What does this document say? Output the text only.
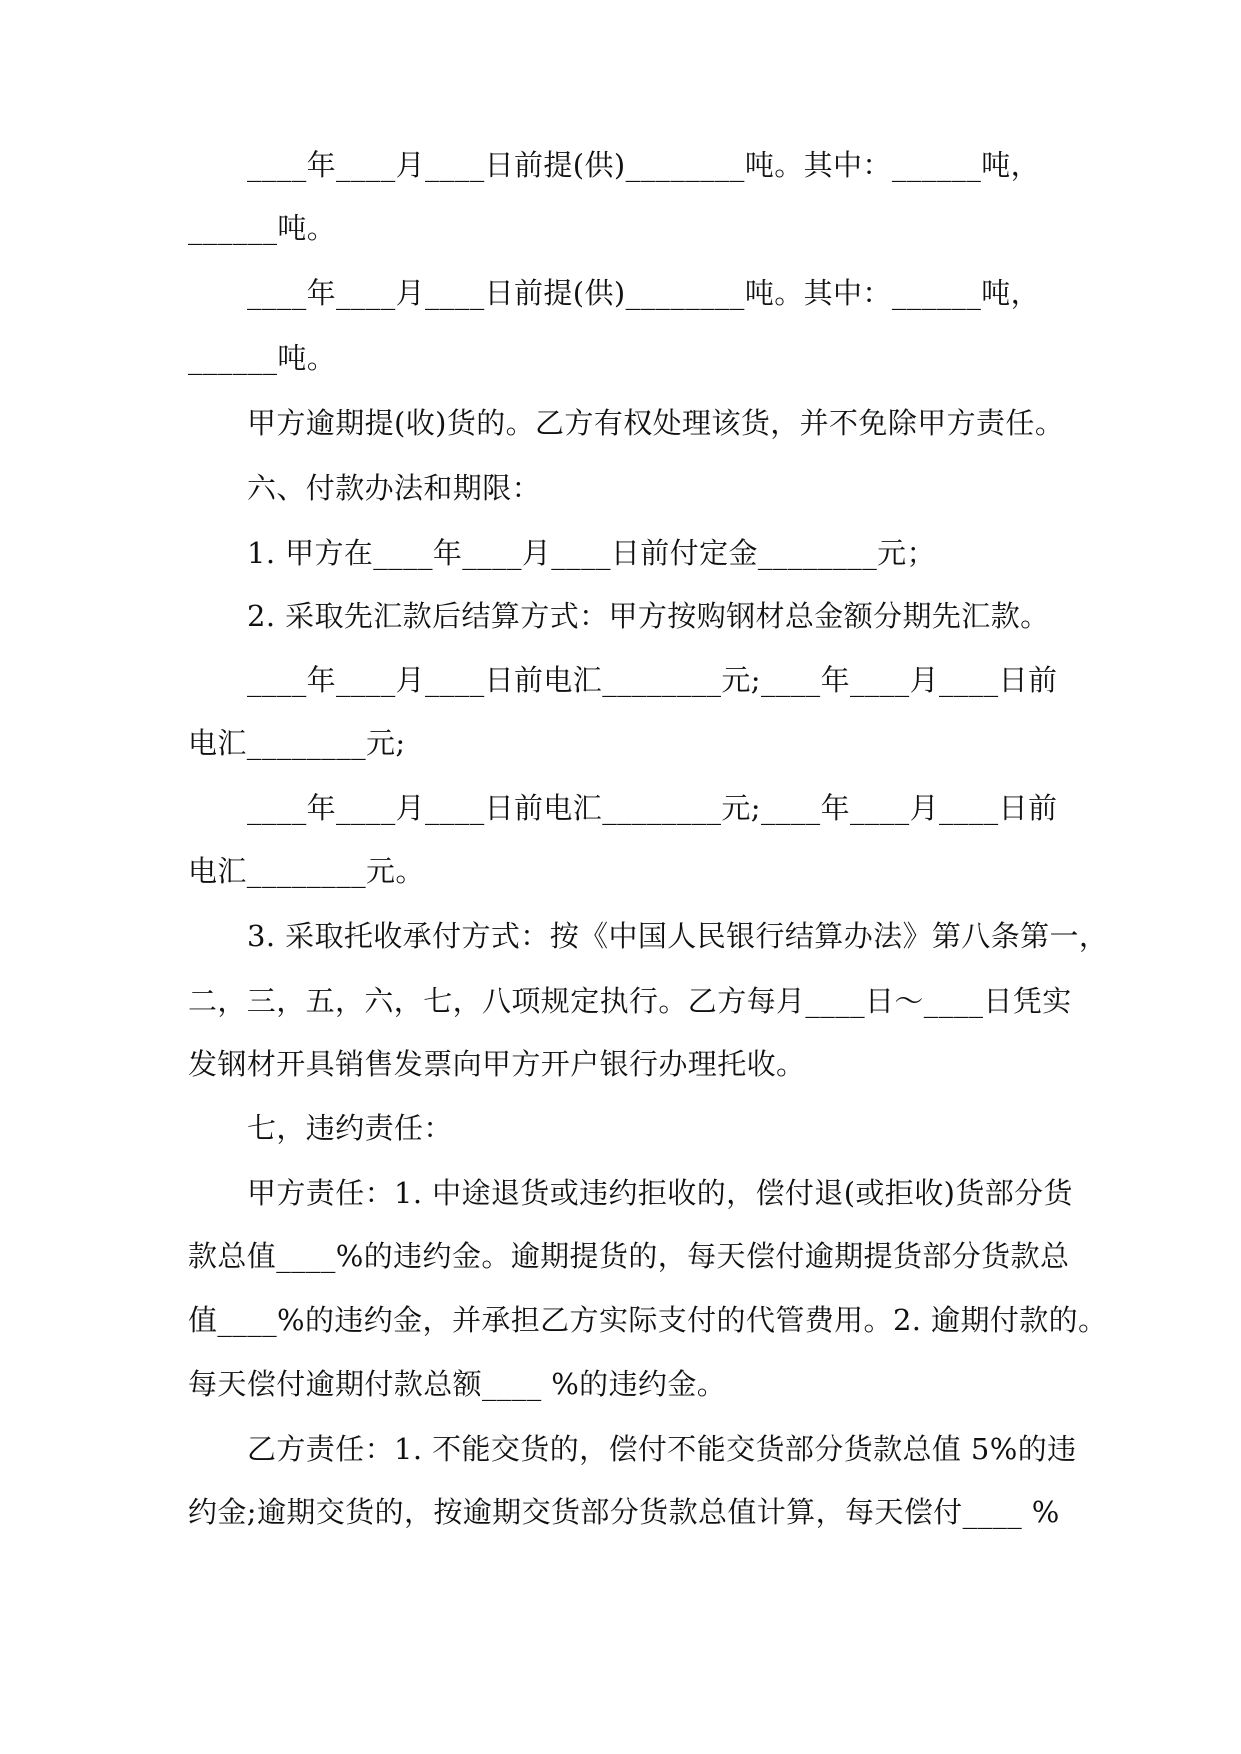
____年____月____日前提(供)________吨。其中：______吨，
______吨。
____年____月____日前提(供)________吨。其中：______吨，
______吨。
甲方逾期提(收)货的。乙方有权处理该货，并不免除甲方责任。
六、付款办法和期限：
1. 甲方在____年____月____日前付定金________元；
2. 采取先汇款后结算方式：甲方按购钢材总金额分期先汇款。
____年____月____日前电汇________元;____年____月____日前
电汇________元;
____年____月____日前电汇________元;____年____月____日前
电汇________元。
3. 采取托收承付方式：按《中国人民银行结算办法》第八条第一，
二，三，五，六，七，八项规定执行。乙方每月____日～____日凭实
发钢材开具销售发票向甲方开户银行办理托收。
七，违约责任：
甲方责任：1. 中途退货或违约拒收的，偿付退(或拒收)货部分货
款总值____%的违约金。逾期提货的，每天偿付逾期提货部分货款总
值____%的违约金，并承担乙方实际支付的代管费用。2. 逾期付款的。
每天偿付逾期付款总额____ %的违约金。
乙方责任：1. 不能交货的，偿付不能交货部分货款总值 5%的违
约金;逾期交货的，按逾期交货部分货款总值计算，每天偿付____ %
